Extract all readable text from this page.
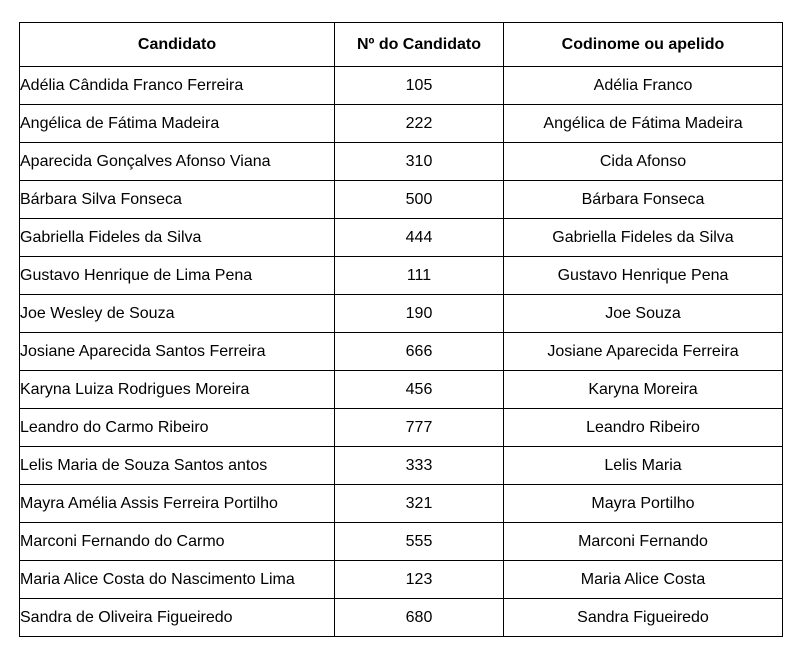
Candidato	Nº do Candidato	Codinome ou apelido
Adélia Cândida Franco Ferreira	105	Adélia Franco
Angélica de Fátima Madeira	222	Angélica de Fátima Madeira
Aparecida Gonçalves Afonso Viana	310	Cida Afonso
Bárbara Silva Fonseca	500	Bárbara Fonseca
Gabriella Fideles da Silva	444	Gabriella Fideles da Silva
Gustavo Henrique de Lima Pena	111	Gustavo Henrique Pena
Joe Wesley de Souza	190	Joe Souza
Josiane Aparecida Santos Ferreira	666	Josiane Aparecida Ferreira
Karyna Luiza Rodrigues Moreira	456	Karyna Moreira
Leandro do Carmo Ribeiro	777	Leandro Ribeiro
Lelis Maria de Souza Santos antos	333	Lelis Maria
Mayra Amélia Assis Ferreira Portilho	321	Mayra Portilho
Marconi Fernando do Carmo	555	Marconi Fernando
Maria Alice Costa do Nascimento Lima	123	Maria Alice Costa
Sandra de Oliveira Figueiredo	680	Sandra Figueiredo
